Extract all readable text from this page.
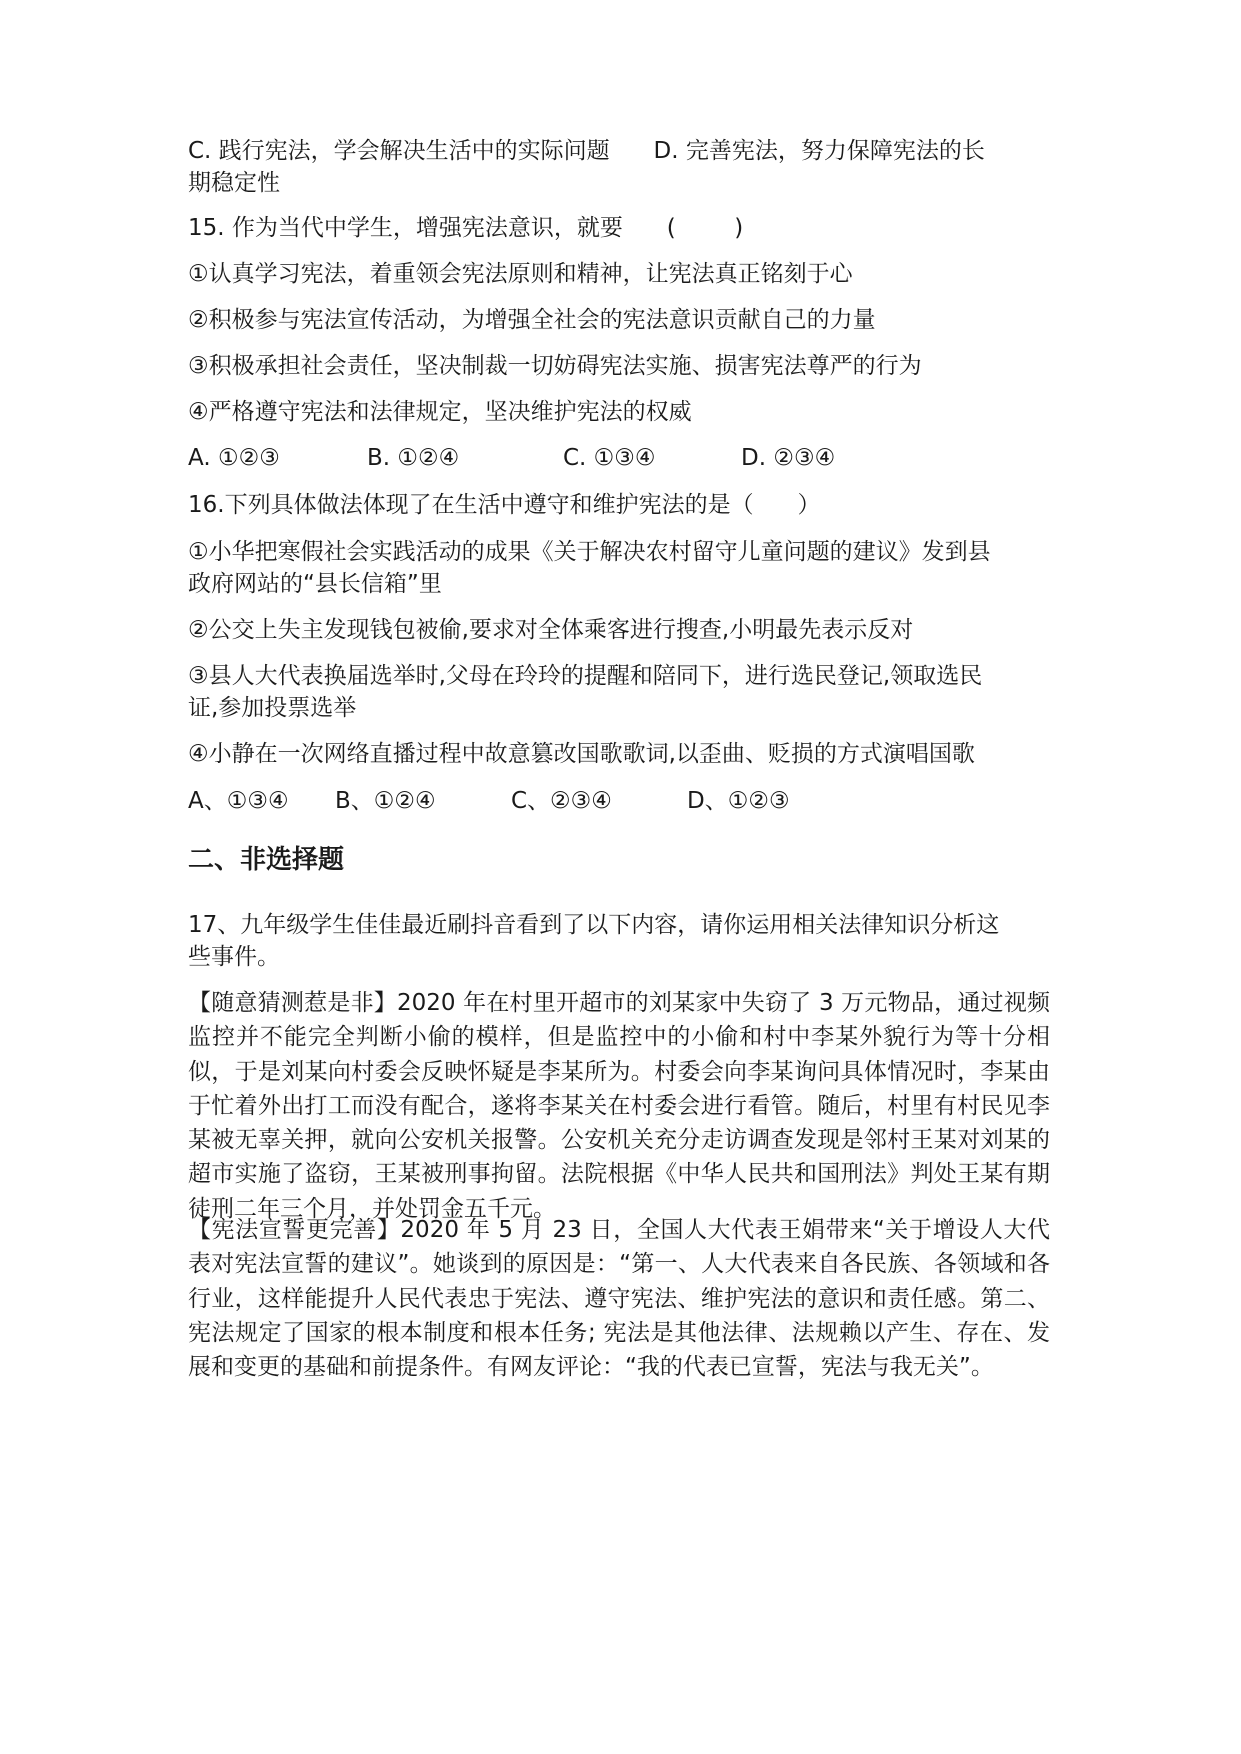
C. 践行宪法，学会解决生活中的实际问题      D. 完善宪法，努力保障宪法的长

期稳定性

15. 作为当代中学生，增强宪法意识，就要      (        )

①认真学习宪法，着重领会宪法原则和精神，让宪法真正铭刻于心

②积极参与宪法宣传活动，为增强全社会的宪法意识贡献自己的力量

③积极承担社会责任，坚决制裁一切妨碍宪法实施、损害宪法尊严的行为

④严格遵守宪法和法律规定，坚决维护宪法的权威

A. ①②③	B. ①②④	C. ①③④	D. ②③④

16.下列具体做法体现了在生活中遵守和维护宪法的是（      ）

①小华把寒假社会实践活动的成果《关于解决农村留守儿童问题的建议》发到县

政府网站的“县长信箱”里

②公交上失主发现钱包被偷,要求对全体乘客进行搜查,小明最先表示反对

③县人大代表换届选举时,父母在玲玲的提醒和陪同下，进行选民登记,领取选民

证,参加投票选举

④小静在一次网络直播过程中故意篡改国歌歌词,以歪曲、贬损的方式演唱国歌

A、①③④ B、①②④	C、②③④	D、①②③
二、非选择题

17、九年级学生佳佳最近刷抖音看到了以下内容，请你运用相关法律知识分析这

些事件。

【随意猜测惹是非】2020 年在村里开超市的刘某家中失窃了 3 万元物品，通过视频监控并不能完全判断小偷的模样，但是监控中的小偷和村中李某外貌行为等十分相似，于是刘某向村委会反映怀疑是李某所为。村委会向李某询问具体情况时，李某由于忙着外出打工而没有配合，遂将李某关在村委会进行看管。随后，村里有村民见李某被无辜关押，就向公安机关报警。公安机关充分走访调查发现是邻村王某对刘某的超市实施了盗窃，王某被刑事拘留。法院根据《中华人民共和国刑法》判处王某有期徒刑二年三个月，并处罚金五千元。

【宪法宣誓更完善】2020 年 5 月 23 日，全国人大代表王娟带来“关于增设人大代表对宪法宣誓的建议”。她谈到的原因是：“第一、人大代表来自各民族、各领域和各行业，这样能提升人民代表忠于宪法、遵守宪法、维护宪法的意识和责任感。第二、宪法规定了国家的根本制度和根本任务; 宪法是其他法律、法规赖以产生、存在、发展和变更的基础和前提条件。有网友评论：“我的代表已宣誓，宪法与我无关”。
